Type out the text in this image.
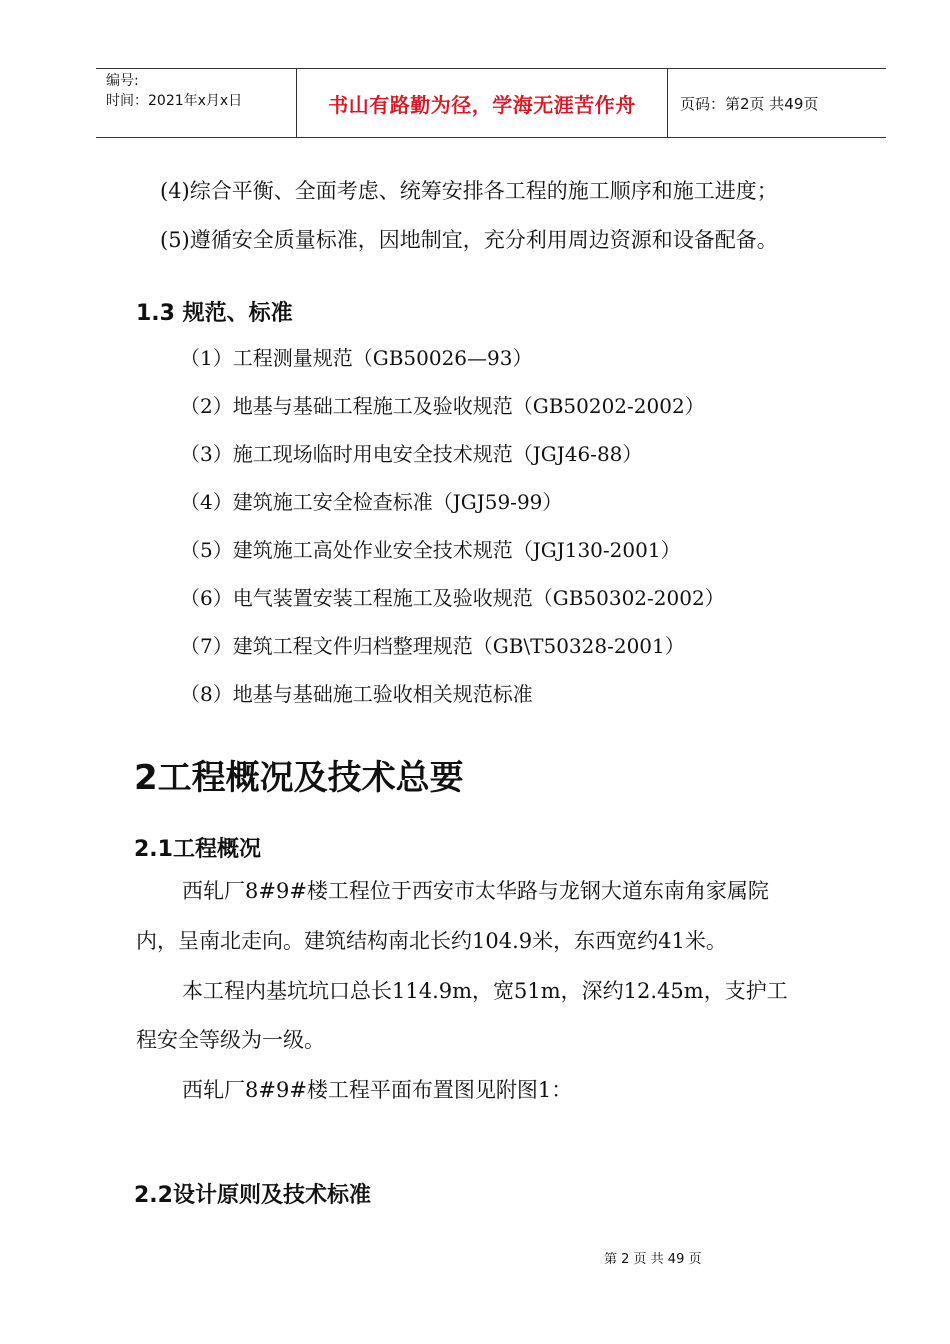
编号:
时间：2021年x月x日	书山有路勤为径，学海无涯苦作舟	页码：第2页 共49页
(4)综合平衡、全面考虑、统筹安排各工程的施工顺序和施工进度；
(5)遵循安全质量标准，因地制宜，充分利用周边资源和设备配备。
1.3 规范、标准
（1）工程测量规范（GB50026—93）
（2）地基与基础工程施工及验收规范（GB50202-2002）
（3）施工现场临时用电安全技术规范（JGJ46-88）
（4）建筑施工安全检查标准（JGJ59-99）
（5）建筑施工高处作业安全技术规范（JGJ130-2001）
（6）电气装置安装工程施工及验收规范（GB50302-2002）
（7）建筑工程文件归档整理规范（GB\T50328-2001）
（8）地基与基础施工验收相关规范标准
2工程概况及技术总要
2.1工程概况
西轧厂8#9#楼工程位于西安市太华路与龙钢大道东南角家属院
内，呈南北走向。建筑结构南北长约104.9米，东西宽约41米。
本工程内基坑坑口总长114.9m，宽51m，深约12.45m，支护工
程安全等级为一级。
西轧厂8#9#楼工程平面布置图见附图1：
2.2设计原则及技术标准
第 2 页 共 49 页
